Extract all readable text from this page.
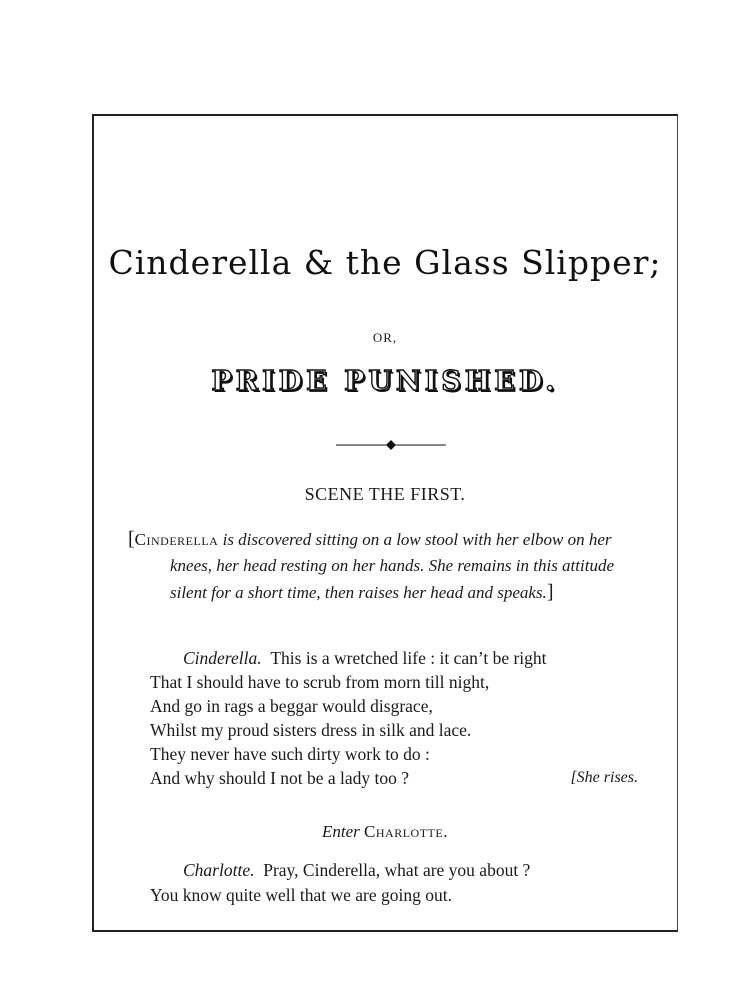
Cinderella & the Glass Slipper;
OR,
PRIDE PUNISHED.
SCENE THE FIRST.

[Cinderella is discovered sitting on a low stool with her elbow on her knees, her head resting on her hands. She remains in this attitude silent for a short time, then raises her head and speaks.]

Cinderella. This is a wretched life : it can’t be right
That I should have to scrub from morn till night,
And go in rags a beggar would disgrace,
Whilst my proud sisters dress in silk and lace.
They never have such dirty work to do :
And why should I not be a lady too ?	[She rises.
Enter Charlotte.
Charlotte. Pray, Cinderella, what are you about ?
You know quite well that we are going out.
